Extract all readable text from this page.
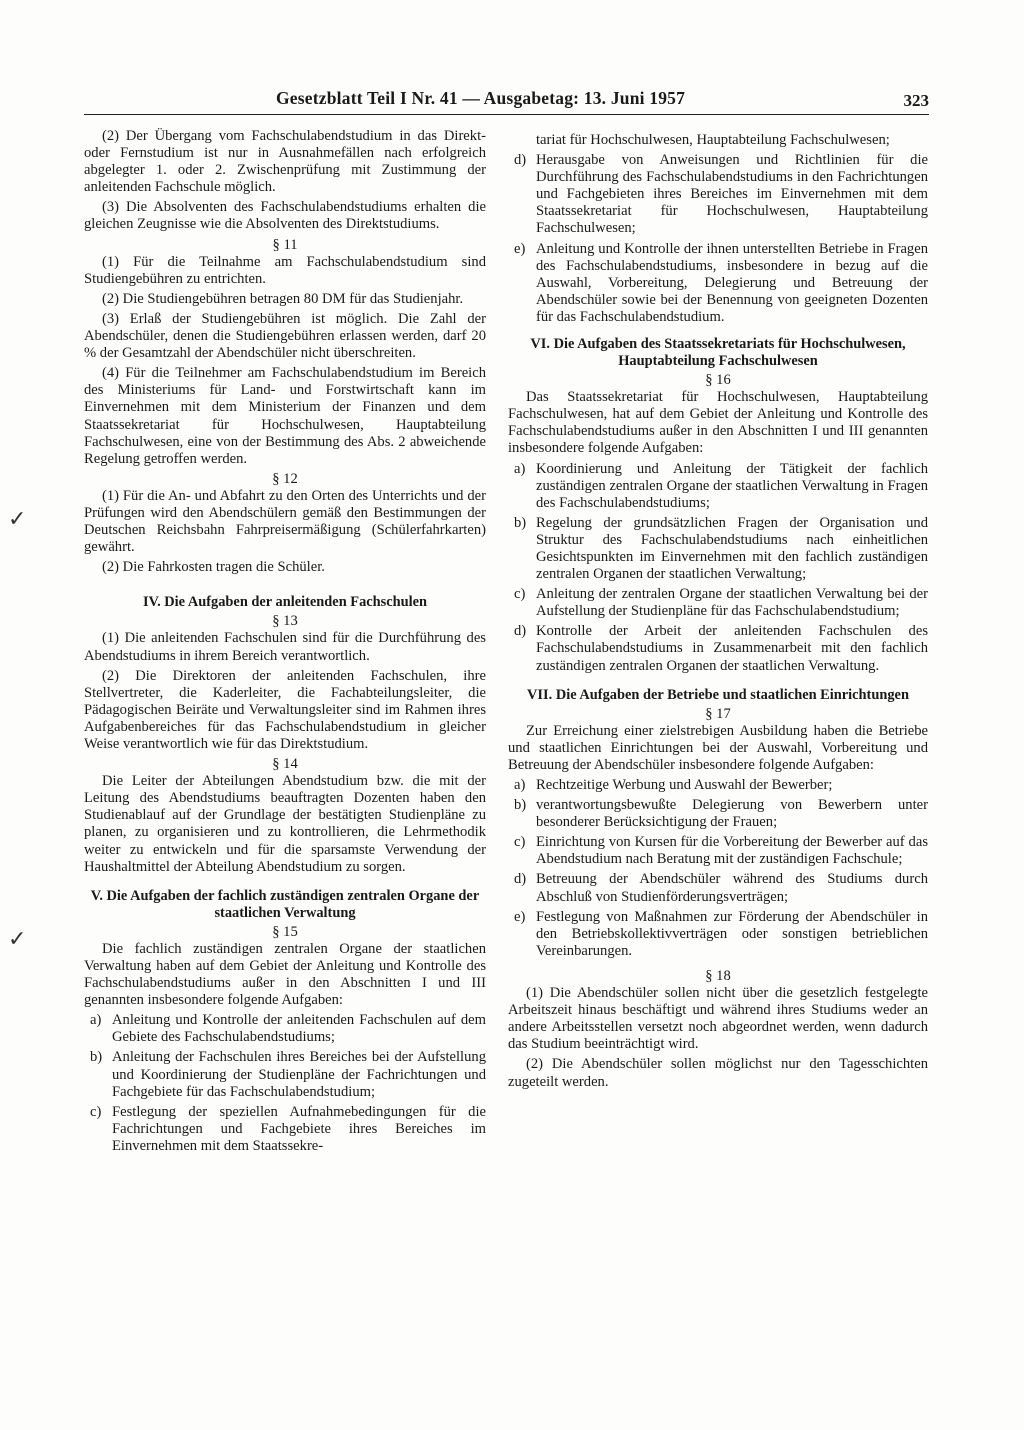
Gesetzblatt Teil I Nr. 41 — Ausgabetag: 13. Juni 1957	323
✓
✓

(2) Der Übergang vom Fachschulabendstudium in das Direkt- oder Fernstudium ist nur in Ausnahmefällen nach erfolgreich abgelegter 1. oder 2. Zwischenprüfung mit Zustimmung der anleitenden Fachschule möglich.

(3) Die Absolventen des Fachschulabendstudiums erhalten die gleichen Zeugnisse wie die Absolventen des Direktstudiums.

§ 11

(1) Für die Teilnahme am Fachschulabendstudium sind Studiengebühren zu entrichten.

(2) Die Studiengebühren betragen 80 DM für das Studienjahr.

(3) Erlaß der Studiengebühren ist möglich. Die Zahl der Abendschüler, denen die Studiengebühren erlassen werden, darf 20 % der Gesamtzahl der Abendschüler nicht überschreiten.

(4) Für die Teilnehmer am Fachschulabendstudium im Bereich des Ministeriums für Land- und Forstwirtschaft kann im Einvernehmen mit dem Ministerium der Finanzen und dem Staatssekretariat für Hochschulwesen, Hauptabteilung Fachschulwesen, eine von der Bestimmung des Abs. 2 abweichende Regelung getroffen werden.

§ 12

(1) Für die An- und Abfahrt zu den Orten des Unterrichts und der Prüfungen wird den Abendschülern gemäß den Bestimmungen der Deutschen Reichsbahn Fahrpreisermäßigung (Schülerfahrkarten) gewährt.

(2) Die Fahrkosten tragen die Schüler.

IV. Die Aufgaben der anleitenden Fachschulen

§ 13

(1) Die anleitenden Fachschulen sind für die Durchführung des Abendstudiums in ihrem Bereich verantwortlich.

(2) Die Direktoren der anleitenden Fachschulen, ihre Stellvertreter, die Kaderleiter, die Fachabteilungsleiter, die Pädagogischen Beiräte und Verwaltungsleiter sind im Rahmen ihres Aufgabenbereiches für das Fachschulabendstudium in gleicher Weise verantwortlich wie für das Direktstudium.

§ 14

Die Leiter der Abteilungen Abendstudium bzw. die mit der Leitung des Abendstudiums beauftragten Dozenten haben den Studienablauf auf der Grundlage der bestätigten Studienpläne zu planen, zu organisieren und zu kontrollieren, die Lehrmethodik weiter zu entwickeln und für die sparsamste Verwendung der Haushaltmittel der Abteilung Abendstudium zu sorgen.

V. Die Aufgaben der fachlich zuständigen zentralen Organe der staatlichen Verwaltung

§ 15

Die fachlich zuständigen zentralen Organe der staatlichen Verwaltung haben auf dem Gebiet der Anleitung und Kontrolle des Fachschulabendstudiums außer in den Abschnitten I und III genannten insbesondere folgende Aufgaben:

a) Anleitung und Kontrolle der anleitenden Fachschulen auf dem Gebiete des Fachschulabendstudiums;
b) Anleitung der Fachschulen ihres Bereiches bei der Aufstellung und Koordinierung der Studienpläne der Fachrichtungen und Fachgebiete für das Fachschulabendstudium;
c) Festlegung der speziellen Aufnahmebedingungen für die Fachrichtungen und Fachgebiete ihres Bereiches im Einvernehmen mit dem Staatssekre-
tariat für Hochschulwesen, Hauptabteilung Fachschulwesen;
d) Herausgabe von Anweisungen und Richtlinien für die Durchführung des Fachschulabendstudiums in den Fachrichtungen und Fachgebieten ihres Bereiches im Einvernehmen mit dem Staatssekretariat für Hochschulwesen, Hauptabteilung Fachschulwesen;
e) Anleitung und Kontrolle der ihnen unterstellten Betriebe in Fragen des Fachschulabendstudiums, insbesondere in bezug auf die Auswahl, Vorbereitung, Delegierung und Betreuung der Abendschüler sowie bei der Benennung von geeigneten Dozenten für das Fachschulabendstudium.

VI. Die Aufgaben des Staatssekretariats für Hochschulwesen, Hauptabteilung Fachschulwesen

§ 16

Das Staatssekretariat für Hochschulwesen, Hauptabteilung Fachschulwesen, hat auf dem Gebiet der Anleitung und Kontrolle des Fachschulabendstudiums außer in den Abschnitten I und III genannten insbesondere folgende Aufgaben:

a) Koordinierung und Anleitung der Tätigkeit der fachlich zuständigen zentralen Organe der staatlichen Verwaltung in Fragen des Fachschulabendstudiums;
b) Regelung der grundsätzlichen Fragen der Organisation und Struktur des Fachschulabendstudiums nach einheitlichen Gesichtspunkten im Einvernehmen mit den fachlich zuständigen zentralen Organen der staatlichen Verwaltung;
c) Anleitung der zentralen Organe der staatlichen Verwaltung bei der Aufstellung der Studienpläne für das Fachschulabendstudium;
d) Kontrolle der Arbeit der anleitenden Fachschulen des Fachschulabendstudiums in Zusammenarbeit mit den fachlich zuständigen zentralen Organen der staatlichen Verwaltung.

VII. Die Aufgaben der Betriebe und staatlichen Einrichtungen

§ 17

Zur Erreichung einer zielstrebigen Ausbildung haben die Betriebe und staatlichen Einrichtungen bei der Auswahl, Vorbereitung und Betreuung der Abendschüler insbesondere folgende Aufgaben:

a) Rechtzeitige Werbung und Auswahl der Bewerber;
b) verantwortungsbewußte Delegierung von Bewerbern unter besonderer Berücksichtigung der Frauen;
c) Einrichtung von Kursen für die Vorbereitung der Bewerber auf das Abendstudium nach Beratung mit der zuständigen Fachschule;
d) Betreuung der Abendschüler während des Studiums durch Abschluß von Studienförderungsverträgen;
e) Festlegung von Maßnahmen zur Förderung der Abendschüler in den Betriebskollektivverträgen oder sonstigen betrieblichen Vereinbarungen.

§ 18

(1) Die Abendschüler sollen nicht über die gesetzlich festgelegte Arbeitszeit hinaus beschäftigt und während ihres Studiums weder an andere Arbeitsstellen versetzt noch abgeordnet werden, wenn dadurch das Studium beeinträchtigt wird.

(2) Die Abendschüler sollen möglichst nur den Tagesschichten zugeteilt werden.
